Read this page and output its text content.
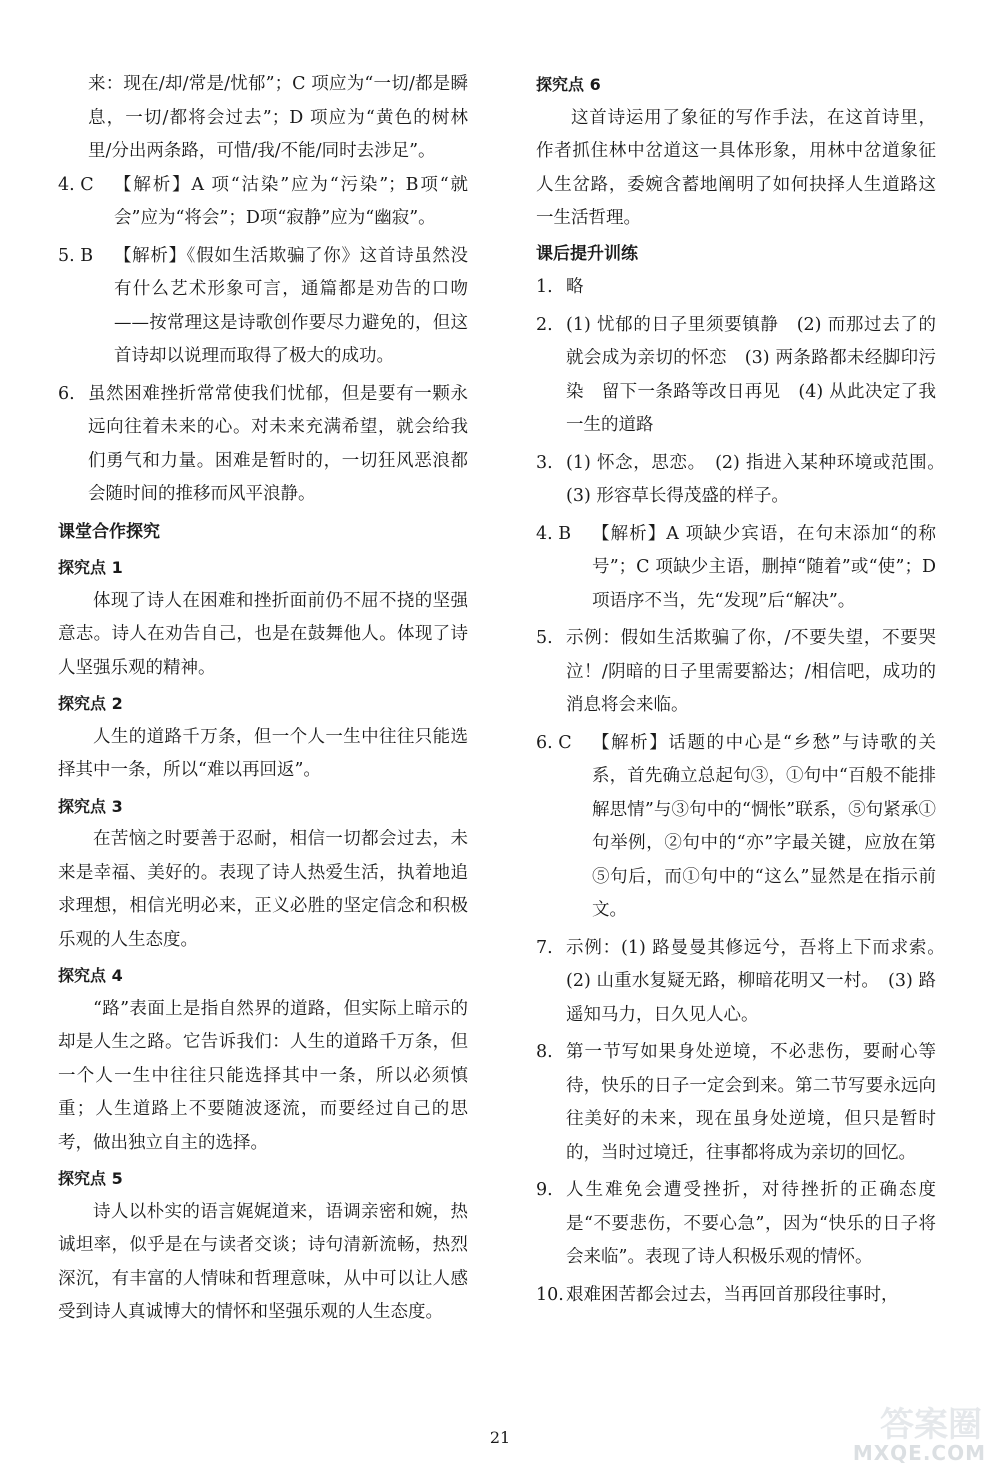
来：现在/却/常是/忧郁”；C 项应为“一切/都是瞬息，一切/都将会过去”；D 项应为“黄色的树林里/分出两条路，可惜/我/不能/同时去涉足”。

4. C	【解析】A 项“沽染”应为“污染”；B项“就会”应为“将会”；D项“寂静”应为“幽寂”。
5. B	【解析】《假如生活欺骗了你》这首诗虽然没有什么艺术形象可言，通篇都是劝告的口吻——按常理这是诗歌创作要尽力避免的，但这首诗却以说理而取得了极大的成功。
6. 虽然困难挫折常常使我们忧郁，但是要有一颗永远向往着未来的心。对未来充满希望，就会给我们勇气和力量。困难是暂时的，一切狂风恶浪都会随时间的推移而风平浪静。
课堂合作探究
探究点 1

体现了诗人在困难和挫折面前仍不屈不挠的坚强意志。诗人在劝告自己，也是在鼓舞他人。体现了诗人坚强乐观的精神。

探究点 2

人生的道路千万条，但一个人一生中往往只能选择其中一条，所以“难以再回返”。

探究点 3

在苦恼之时要善于忍耐，相信一切都会过去，未来是幸福、美好的。表现了诗人热爱生活，执着地追求理想，相信光明必来，正义必胜的坚定信念和积极乐观的人生态度。

探究点 4

“路”表面上是指自然界的道路，但实际上暗示的却是人生之路。它告诉我们：人生的道路千万条，但一个人一生中往往只能选择其中一条，所以必须慎重；人生道路上不要随波逐流，而要经过自己的思考，做出独立自主的选择。

探究点 5

诗人以朴实的语言娓娓道来，语调亲密和婉，热诚坦率，似乎是在与读者交谈；诗句清新流畅，热烈深沉，有丰富的人情味和哲理意味，从中可以让人感受到诗人真诚博大的情怀和坚强乐观的人生态度。

探究点 6

这首诗运用了象征的写作手法，在这首诗里，作者抓住林中岔道这一具体形象，用林中岔道象征人生岔路，委婉含蓄地阐明了如何抉择人生道路这一生活哲理。

课后提升训练
1. 略
2. (1) 忧郁的日子里须要镇静　(2) 而那过去了的　就会成为亲切的怀恋　(3) 两条路都未经脚印污染　留下一条路等改日再见　(4) 从此决定了我一生的道路
3. (1) 怀念，思恋。　(2) 指进入某种环境或范围。　(3) 形容草长得茂盛的样子。
4. B	【解析】A 项缺少宾语，在句末添加“的称号”；C 项缺少主语，删掉“随着”或“使”；D 项语序不当，先“发现”后“解决”。
5. 示例：假如生活欺骗了你，/不要失望，不要哭泣！/阴暗的日子里需要豁达；/相信吧，成功的消息将会来临。
6. C	【解析】话题的中心是“乡愁”与诗歌的关系，首先确立总起句③，①句中“百般不能排解思情”与③句中的“惆怅”联系，⑤句紧承①句举例，②句中的“亦”字最关键，应放在第⑤句后，而①句中的“这么”显然是在指示前文。
7. 示例：(1) 路曼曼其修远兮，吾将上下而求索。　(2) 山重水复疑无路，柳暗花明又一村。　(3) 路遥知马力，日久见人心。
8. 第一节写如果身处逆境，不必悲伤，要耐心等待，快乐的日子一定会到来。第二节写要永远向往美好的未来，现在虽身处逆境，但只是暂时的，当时过境迁，往事都将成为亲切的回忆。
9. 人生难免会遭受挫折，对待挫折的正确态度是“不要悲伤，不要心急”，因为“快乐的日子将会来临”。表现了诗人积极乐观的情怀。
10. 艰难困苦都会过去，当再回首那段往事时，
21	答案圈
MXQE.COM
